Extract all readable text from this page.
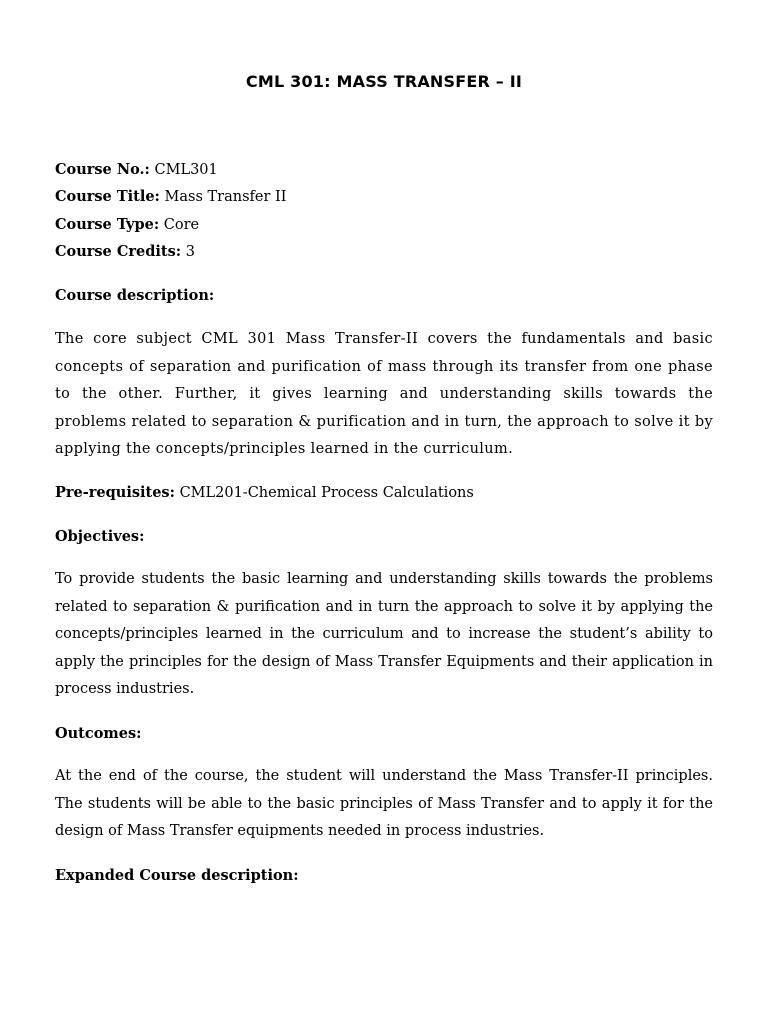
CML 301: MASS TRANSFER – II
Course No.: CML301
Course Title: Mass Transfer II
Course Type: Core
Course Credits: 3
Course description:
The core subject CML 301 Mass Transfer-II covers the fundamentals and basic concepts of separation and purification of mass through its transfer from one phase to the other. Further, it gives learning and understanding skills towards the problems related to separation & purification and in turn, the approach to solve it by applying the concepts/principles learned in the curriculum.
Pre-requisites: CML201-Chemical Process Calculations
Objectives:
To provide students the basic learning and understanding skills towards the problems related to separation & purification and in turn the approach to solve it by applying the concepts/principles learned in the curriculum and to increase the student’s ability to apply the principles for the design of Mass Transfer Equipments and their application in process industries.
Outcomes:
At the end of the course, the student will understand the Mass Transfer-II principles. The students will be able to the basic principles of Mass Transfer and to apply it for the design of Mass Transfer equipments needed in process industries.
Expanded Course description:
